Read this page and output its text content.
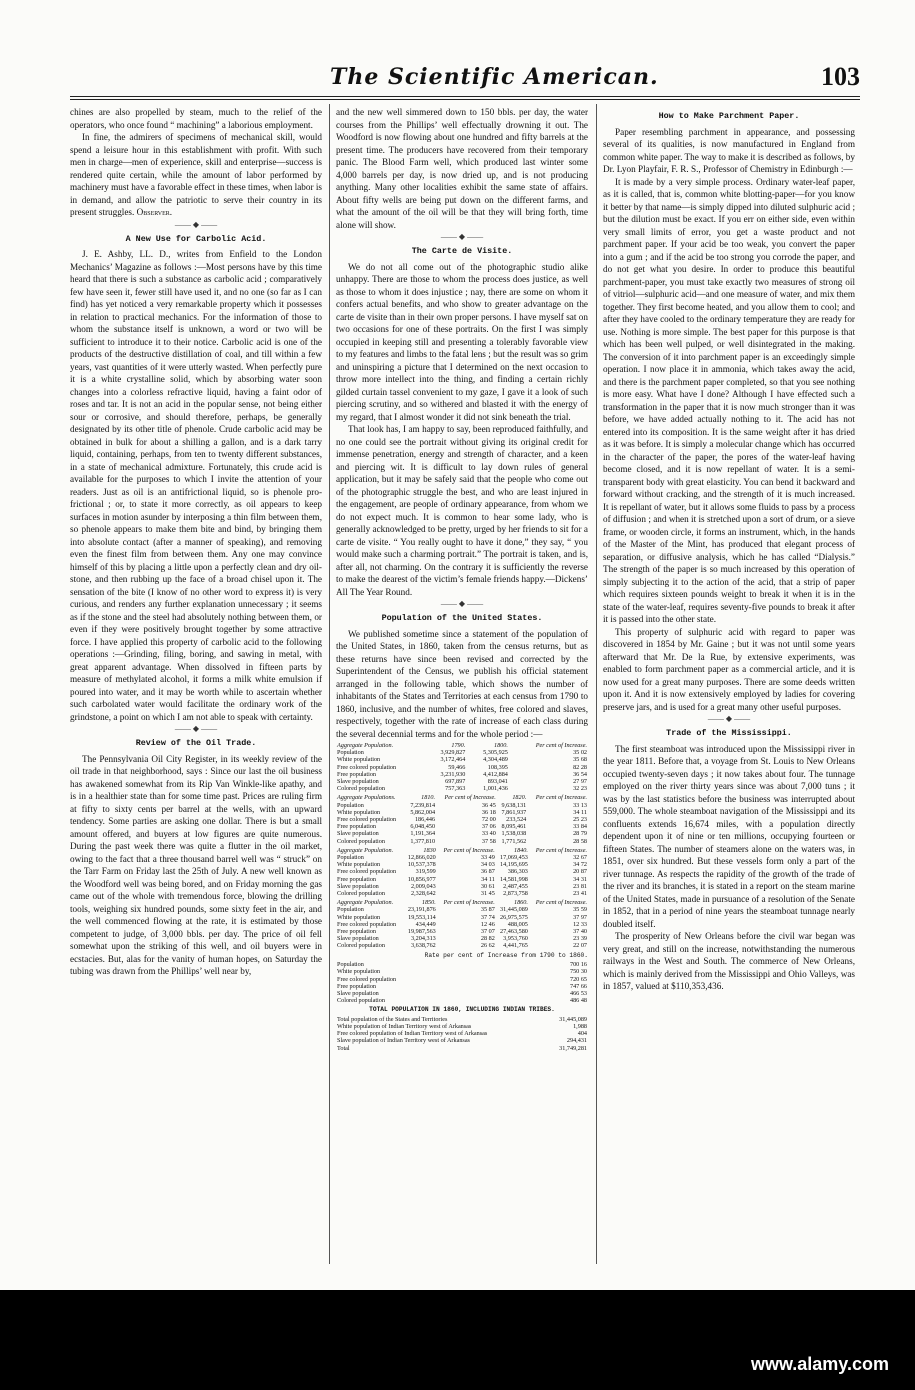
The Scientific American.	103

chines are also propelled by steam, much to the relief of the operators, who once found “ machining” a laborious employment.

In fine, the admirers of specimens of mechanical skill, would spend a leisure hour in this establishment with profit. With such men in charge—men of experience, skill and enterprise—success is rendered quite certain, while the amount of labor performed by machinery must have a favorable effect in these times, when labor is in demand, and allow the patriotic to serve their country in its present struggles. Observer.

—— ◆ ——
A New Use for Carbolic Acid.

J. E. Ashby, LL. D., writes from Enfield to the London Mechanics’ Magazine as follows :—Most persons have by this time heard that there is such a substance as carbolic acid ; comparatively few have seen it, fewer still have used it, and no one (so far as I can find) has yet noticed a very remarkable property which it possesses in relation to practical mechanics. For the information of those to whom the substance itself is unknown, a word or two will be sufficient to introduce it to their notice. Carbolic acid is one of the products of the destructive distillation of coal, and till within a few years, vast quantities of it were utterly wasted. When perfectly pure it is a white crystalline solid, which by absorbing water soon changes into a colorless refractive liquid, having a faint odor of roses and tar. It is not an acid in the popular sense, not being either sour or corrosive, and should therefore, perhaps, be generally designated by its other title of phenole. Crude carbolic acid may be obtained in bulk for about a shilling a gallon, and is a dark tarry liquid, containing, perhaps, from ten to twenty different substances, in a state of mechanical admixture. Fortunately, this crude acid is available for the purposes to which I invite the attention of your readers. Just as oil is an antifrictional liquid, so is phenole pro-frictional ; or, to state it more correctly, as oil appears to keep surfaces in motion asunder by interposing a thin film between them, so phenole appears to make them bite and bind, by bringing them into absolute contact (after a manner of speaking), and removing even the finest film from between them. Any one may convince himself of this by placing a little upon a perfectly clean and dry oil-stone, and then rubbing up the face of a broad chisel upon it. The sensation of the bite (I know of no other word to express it) is very curious, and renders any further explanation unnecessary ; it seems as if the stone and the steel had absolutely nothing between them, or even if they were positively brought together by some attractive force. I have applied this property of carbolic acid to the following operations :—Grinding, filing, boring, and sawing in metal, with great apparent advantage. When dissolved in fifteen parts by measure of methylated alcohol, it forms a milk white emulsion if poured into water, and it may be worth while to ascertain whether such carbolated water would facilitate the ordinary work of the grindstone, a point on which I am not able to speak with certainty.

—— ◆ ——
Review of the Oil Trade.

The Pennsylvania Oil City Register, in its weekly review of the oil trade in that neighborhood, says : Since our last the oil business has awakened somewhat from its Rip Van Winkle-like apathy, and is in a healthier state than for some time past. Prices are ruling firm at fifty to sixty cents per barrel at the wells, with an upward tendency. Some parties are asking one dollar. There is but a small amount offered, and buyers at low figures are quite numerous. During the past week there was quite a flutter in the oil market, owing to the fact that a three thousand barrel well was “ struck” on the Tarr Farm on Friday last the 25th of July. A new well known as the Woodford well was being bored, and on Friday morning the gas came out of the whole with tremendous force, blowing the drilling tools, weighing six hundred pounds, some sixty feet in the air, and the well commenced flowing at the rate, it is estimated by those competent to judge, of 3,000 bbls. per day. The price of oil fell somewhat upon the striking of this well, and oil buyers were in ecstacies. But, alas for the vanity of human hopes, on Saturday the tubing was drawn from the Phillips’ well near by,

and the new well simmered down to 150 bbls. per day, the water courses from the Phillips’ well effectually drowning it out. The Woodford is now flowing about one hundred and fifty barrels at the present time. The producers have recovered from their temporary panic. The Blood Farm well, which produced last winter some 4,000 barrels per day, is now dried up, and is not producing anything. Many other localities exhibit the same state of affairs. About fifty wells are being put down on the different farms, and what the amount of the oil will be that they will bring forth, time alone will show.

—— ◆ ——
The Carte de Visite.

We do not all come out of the photographic studio alike unhappy. There are those to whom the process does justice, as well as those to whom it does injustice ; nay, there are some on whom it confers actual benefits, and who show to greater advantage on the carte de visite than in their own proper persons. I have myself sat on two occasions for one of these portraits. On the first I was simply occupied in keeping still and presenting a tolerably favorable view to my features and limbs to the fatal lens ; but the result was so grim and uninspiring a picture that I determined on the next occasion to throw more intellect into the thing, and finding a certain richly gilded curtain tassel convenient to my gaze, I gave it a look of such piercing scrutiny, and so withered and blasted it with the energy of my regard, that I almost wonder it did not sink beneath the trial.

That look has, I am happy to say, been reproduced faithfully, and no one could see the portrait without giving its original credit for immense penetration, energy and strength of character, and a keen and piercing wit. It is difficult to lay down rules of general application, but it may be safely said that the people who come out of the photographic struggle the best, and who are least injured in the engagement, are people of ordinary appearance, from whom we do not expect much. It is common to hear some lady, who is generally acknowledged to be pretty, urged by her friends to sit for a carte de visite. “ You really ought to have it done,” they say, “ you would make such a charming portrait.” The portrait is taken, and is, after all, not charming. On the contrary it is sufficiently the reverse to make the dearest of the victim’s female friends happy.—Dickens’ All The Year Round.

—— ◆ ——
Population of the United States.

We published sometime since a statement of the population of the United States, in 1860, taken from the census returns, but as these returns have since been revised and corrected by the Superintendent of the Census, we publish his official statement arranged in the following table, which shows the number of inhabitants of the States and Territories at each census from 1790 to 1860, inclusive, and the number of whites, free colored and slaves, respectively, together with the rate of increase of each class during the several decennial terms and for the whole period :—

Aggregate Population.	1790.		1800.	Per cent of Increase.
Population	3,929,827		5,305,925	35 02
White population	3,172,464		4,304,489	35 68
Free colored population	59,466		108,395	82 28
Free population	3,231,930		4,412,884	36 54
Slave population	697,897		893,041	27 97
Colored population	757,363		1,001,436	32 23
Aggregate Populations.	1810.	Per cent of Increase.	1820.	Per cent of Increase.
Population	7,239,814	36 45	9,638,131	33 13
White population	5,862,004	36 18	7,861,937	34 11
Free colored population	186,446	72 00	233,524	25 23
Free population	6,048,450	37 06	8,095,461	33 84
Slave population	1,191,364	33 40	1,538,038	28 79
Colored population	1,377,810	37 58	1,771,562	28 58
Aggregate Population.	1830	Per cent of Increase.	1840.	Per cent of Increase.
Population	12,866,020	33 49	17,069,453	32 67
White population	10,537,378	34 03	14,195,695	34 72
Free colored population	319,599	36 87	386,303	20 87
Free population	10,856,977	34 11	14,581,998	34 31
Slave population	2,009,043	30 61	2,487,455	23 81
Colored population	2,328,642	31 45	2,873,758	23 41
Aggregate Population.	1850.	Per cent of Increase.	1860.	Per cent of Increase.
Population	23,191,876	35 87	31,445,089	35 59
White population	19,553,114	37 74	26,975,575	37 97
Free colored population	434,449	12 46	488,005	12 33
Free population	19,987,563	37 07	27,463,580	37 40
Slave population	3,204,313	28 82	3,953,760	23 39
Colored population	3,638,762	26 62	4,441,765	22 07
Rate per cent of Increase from 1790 to 1860.
Population	700 16
White population	750 30
Free colored population	720 65
Free population	747 66
Slave population	466 53
Colored population	486 48
TOTAL POPULATION IN 1860, INCLUDING INDIAN TRIBES.
Total population of the States and Territories	31,445,089
White population of Indian Territory west of Arkansas	1,988
Free colored population of Indian Territory west of Arkansas	404
Slave population of Indian Territory west of Arkansas	294,431
Total	31,749,281
How to Make Parchment Paper.

Paper resembling parchment in appearance, and possessing several of its qualities, is now manufactured in England from common white paper. The way to make it is described as follows, by Dr. Lyon Playfair, F. R. S., Professor of Chemistry in Edinburgh :—

It is made by a very simple process. Ordinary water-leaf paper, as it is called, that is, common white blotting-paper—for you know it better by that name—is simply dipped into diluted sulphuric acid ; but the dilution must be exact. If you err on either side, even within very small limits of error, you get a waste product and not parchment paper. If your acid be too weak, you convert the paper into a gum ; and if the acid be too strong you corrode the paper, and do not get what you desire. In order to produce this beautiful parchment-paper, you must take exactly two measures of strong oil of vitriol—sulphuric acid—and one measure of water, and mix them together. They first become heated, and you allow them to cool; and after they have cooled to the ordinary temperature they are ready for use. Nothing is more simple. The best paper for this purpose is that which has been well pulped, or well disintegrated in the making. The conversion of it into parchment paper is an exceedingly simple operation. I now place it in ammonia, which takes away the acid, and there is the parchment paper completed, so that you see nothing is more easy. What have I done? Although I have effected such a transformation in the paper that it is now much stronger than it was before, we have added actually nothing to it. The acid has not entered into its composition. It is the same weight after it has dried as it was before. It is simply a molecular change which has occurred in the character of the paper, the pores of the water-leaf having become closed, and it is now repellant of water. It is a semi-transparent body with great elasticity. You can bend it backward and forward without cracking, and the strength of it is much increased. It is repellant of water, but it allows some fluids to pass by a process of diffusion ; and when it is stretched upon a sort of drum, or a sieve frame, or wooden circle, it forms an instrument, which, in the hands of the Master of the Mint, has produced that elegant process of separation, or diffusive analysis, which he has called “Dialysis.” The strength of the paper is so much increased by this operation of simply subjecting it to the action of the acid, that a strip of paper which requires sixteen pounds weight to break it when it is in the state of the water-leaf, requires seventy-five pounds to break it after it is passed into the other state.

This property of sulphuric acid with regard to paper was discovered in 1854 by Mr. Gaine ; but it was not until some years afterward that Mr. De la Rue, by extensive experiments, was enabled to form parchment paper as a commercial article, and it is now used for a great many purposes. There are some deeds written upon it. And it is now extensively employed by ladies for covering preserve jars, and is used for a great many other useful purposes.

—— ◆ ——
Trade of the Mississippi.

The first steamboat was introduced upon the Mississippi river in the year 1811. Before that, a voyage from St. Louis to New Orleans occupied twenty-seven days ; it now takes about four. The tunnage employed on the river thirty years since was about 7,000 tuns ; it was by the last statistics before the business was interrupted about 559,000. The whole steamboat navigation of the Mississippi and its confluents extends 16,674 miles, with a population directly dependent upon it of nine or ten millions, occupying fourteen or fifteen States. The number of steamers alone on the waters was, in 1851, over six hundred. But these vessels form only a part of the river tunnage. As respects the rapidity of the growth of the trade of the river and its branches, it is stated in a report on the steam marine of the United States, made in pursuance of a resolution of the Senate in 1852, that in a period of nine years the steamboat tunnage nearly doubled itself.

The prosperity of New Orleans before the civil war began was very great, and still on the increase, notwithstanding the numerous railways in the West and South. The commerce of New Orleans, which is mainly derived from the Mississippi and Ohio Valleys, was in 1857, valued at $110,353,436.

www.alamy.com
